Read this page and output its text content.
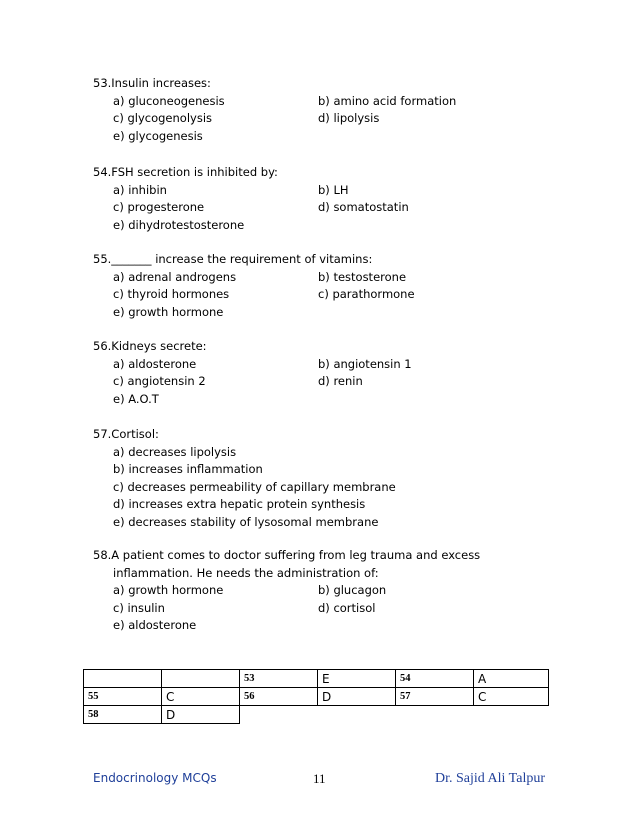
53.Insulin increases:
a) gluconeogenesis	b) amino acid formation
c) glycogenolysis	d) lipolysis
e) glycogenesis
54.FSH secretion is inhibited by:
a) inhibin	b) LH
c) progesterone	d) somatostatin
e) dihydrotestosterone
55._______ increase the requirement of vitamins:
a) adrenal androgens	b) testosterone
c) thyroid hormones	c) parathormone
e) growth hormone
56.Kidneys secrete:
a) aldosterone	b) angiotensin 1
c) angiotensin 2	d) renin
e) A.O.T
57.Cortisol:
a) decreases lipolysis
b) increases inflammation
c) decreases permeability of capillary membrane
d) increases extra hepatic protein synthesis
e) decreases stability of lysosomal membrane
58.A patient comes to doctor suffering from leg trauma and excess
inflammation. He needs the administration of:
a) growth hormone	b) glucagon
c) insulin	d) cortisol
e) aldosterone
		53	E	54	A
55	C	56	D	57	C
58	D				
Endocrinology MCQs	11	Dr. Sajid Ali Talpur
